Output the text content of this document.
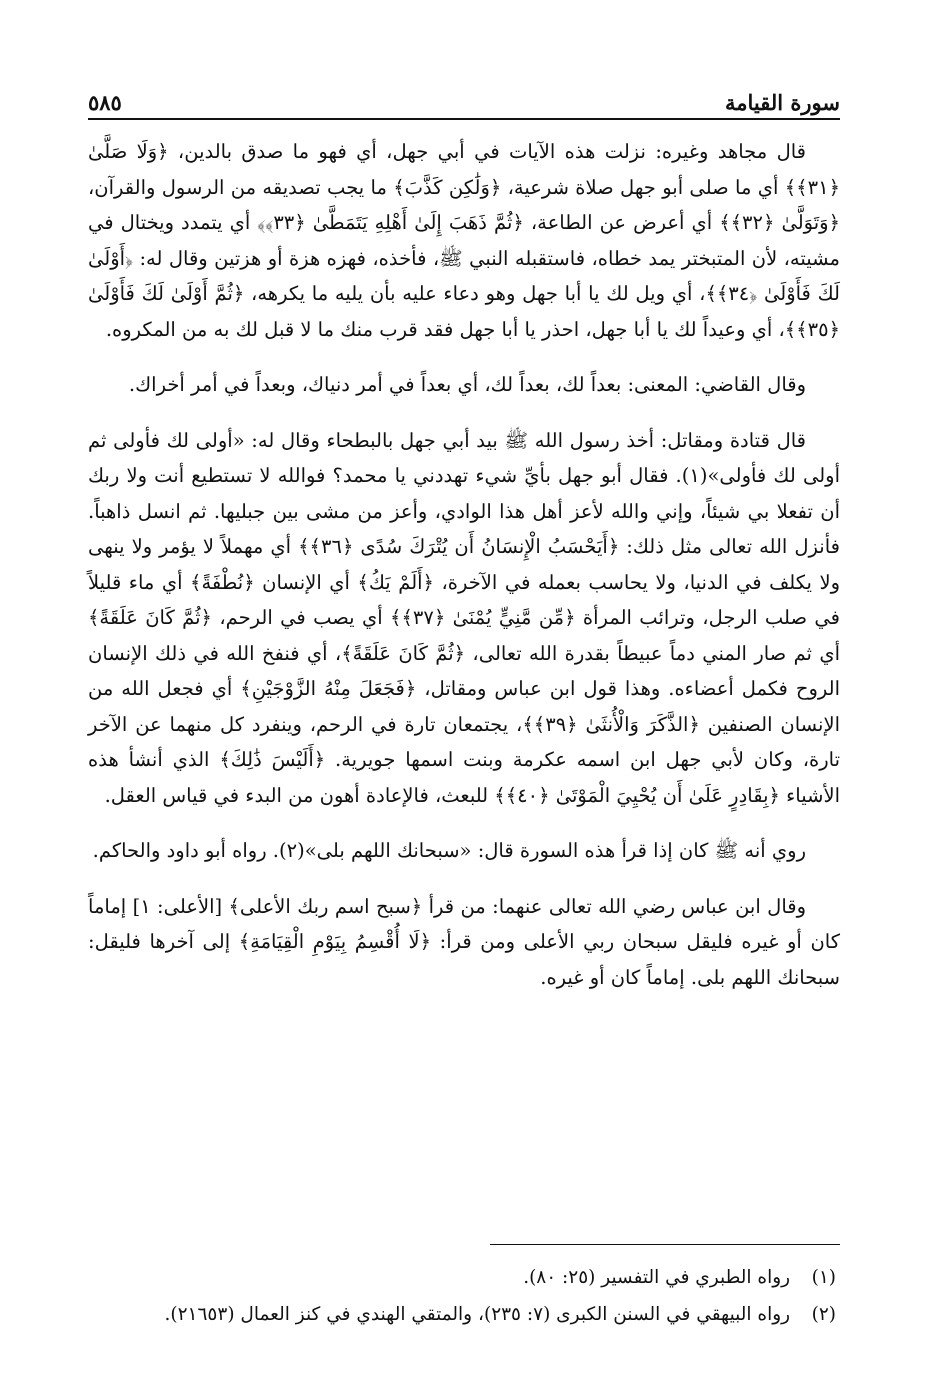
سورة القيامة
٥٨٥

قال مجاهد وغيره: نزلت هذه الآيات في أبي جهل، أي فهو ما صدق بالدين، ﴿وَلَا صَلَّىٰ ﴿٣١﴾﴾ أي ما صلى أبو جهل صلاة شرعية، ﴿وَلَٰكِن كَذَّبَ﴾ ما يجب تصديقه من الرسول والقرآن، ﴿وَتَوَلَّىٰ ﴿٣٢﴾﴾ أي أعرض عن الطاعة، ﴿ثُمَّ ذَهَبَ إِلَىٰ أَهْلِهِ يَتَمَطَّىٰ ﴿٣٣﴾﴾ أي يتمدد ويختال في مشيته، لأن المتبختر يمد خطاه، فاستقبله النبي ﷺ، فأخذه، فهزه هزة أو هزتين وقال له: ﴿أَوْلَىٰ لَكَ فَأَوْلَىٰ ﴿٣٤﴾﴾، أي ويل لك يا أبا جهل وهو دعاء عليه بأن يليه ما يكرهه، ﴿ثُمَّ أَوْلَىٰ لَكَ فَأَوْلَىٰ ﴿٣٥﴾﴾، أي وعيداً لك يا أبا جهل، احذر يا أبا جهل فقد قرب منك ما لا قبل لك به من المكروه.

وقال القاضي: المعنى: بعداً لك، بعداً لك، أي بعداً في أمر دنياك، وبعداً في أمر أخراك.

قال قتادة ومقاتل: أخذ رسول الله ﷺ بيد أبي جهل بالبطحاء وقال له: «أولى لك فأولى ثم أولى لك فأولى»(١). فقال أبو جهل بأيِّ شيء تهددني يا محمد؟ فوالله لا تستطيع أنت ولا ربك أن تفعلا بي شيئاً، وإني والله لأعز أهل هذا الوادي، وأعز من مشى بين جبليها. ثم انسل ذاهباً. فأنزل الله تعالى مثل ذلك: ﴿أَيَحْسَبُ الْإِنسَانُ أَن يُتْرَكَ سُدًى ﴿٣٦﴾﴾ أي مهملاً لا يؤمر ولا ينهى ولا يكلف في الدنيا، ولا يحاسب بعمله في الآخرة، ﴿أَلَمْ يَكُ﴾ أي الإنسان ﴿نُطْفَةً﴾ أي ماء قليلاً في صلب الرجل، وترائب المرأة ﴿مِّن مَّنِيٍّ يُمْنَىٰ ﴿٣٧﴾﴾ أي يصب في الرحم، ﴿ثُمَّ كَانَ عَلَقَةً﴾ أي ثم صار المني دماً عبيطاً بقدرة الله تعالى، ﴿ثُمَّ كَانَ عَلَقَةً﴾، أي فنفخ الله في ذلك الإنسان الروح فكمل أعضاءه. وهذا قول ابن عباس ومقاتل، ﴿فَجَعَلَ مِنْهُ الزَّوْجَيْنِ﴾ أي فجعل الله من الإنسان الصنفين ﴿الذَّكَرَ وَالْأُنثَىٰ ﴿٣٩﴾﴾، يجتمعان تارة في الرحم، وينفرد كل منهما عن الآخر تارة، وكان لأبي جهل ابن اسمه عكرمة وبنت اسمها جويرية. ﴿أَلَيْسَ ذَٰلِكَ﴾ الذي أنشأ هذه الأشياء ﴿بِقَادِرٍ عَلَىٰ أَن يُحْيِيَ الْمَوْتَىٰ ﴿٤٠﴾﴾ للبعث، فالإعادة أهون من البدء في قياس العقل.

روي أنه ﷺ كان إذا قرأ هذه السورة قال: «سبحانك اللهم بلى»(٢). رواه أبو داود والحاكم.

وقال ابن عباس رضي الله تعالى عنهما: من قرأ ﴿سبح اسم ربك الأعلى﴾ [الأعلى: ١] إماماً كان أو غيره فليقل سبحان ربي الأعلى ومن قرأ: ﴿لَا أُقْسِمُ بِيَوْمِ الْقِيَامَةِ﴾ إلى آخرها فليقل: سبحانك اللهم بلى. إماماً كان أو غيره.

(١) رواه الطبري في التفسير (٢٥: ٨٠).

(٢) رواه البيهقي في السنن الكبرى (٧: ٢٣٥)، والمتقي الهندي في كنز العمال (٢١٦٥٣).
